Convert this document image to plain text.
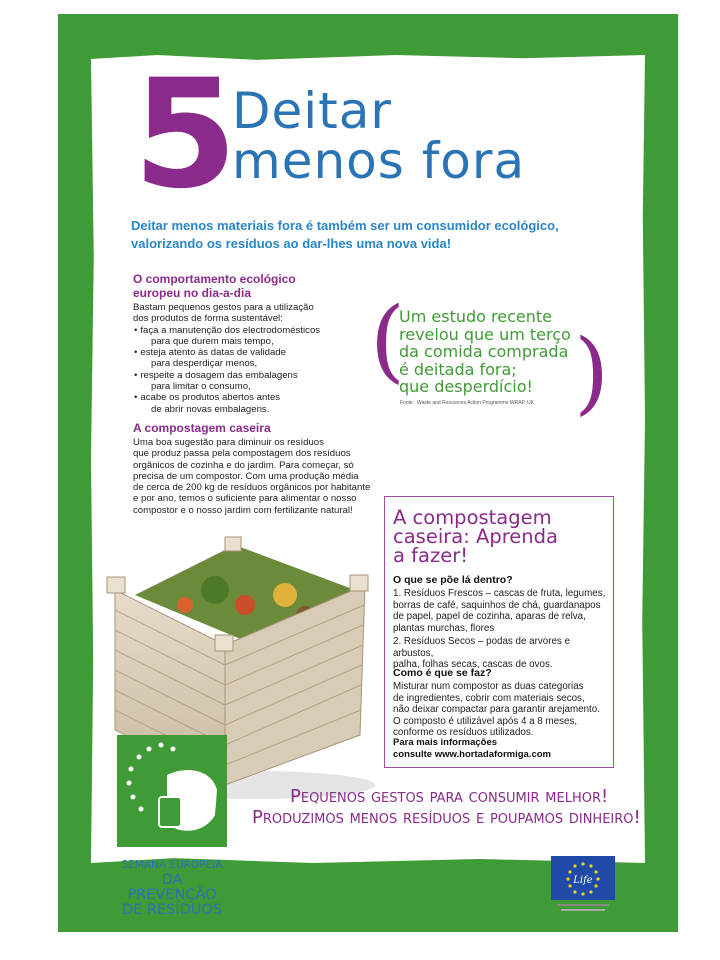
5
Deitar
menos fora
Deitar menos materiais fora é também ser um consumidor ecológico,
valorizando os resíduos ao dar-lhes uma nova vida!
O comportamento ecológico
europeu no dia-a-dia
Bastam pequenos gestos para a utilização
dos produtos de forma sustentável:
• faça a manutenção dos electrodomésticos
para que durem mais tempo,
• esteja atento às datas de validade
para desperdiçar menos,
• respeite a dosagem das embalagens
para limitar o consumo,
• acabe os produtos abertos antes
de abrir novas embalagens.
A compostagem caseira
Uma boa sugestão para diminuir os resíduos
que produz passa pela compostagem dos resíduos
orgânicos de cozinha e do jardim. Para começar, só
precisa de um compostor. Com uma produção média
de cerca de 200 kg de resíduos orgânicos por habitante
e por ano, temos o suficiente para alimentar o nosso
compostor e o nosso jardim com fertilizante natural!
( )
Um estudo recente
revelou que um terço
da comida comprada
é deitada fora;
que desperdício!
Fonte : Waste and Resources Action Programme WRAP, UK
A compostagem
caseira: Aprenda
a fazer!
O que se põe lá dentro?
1. Resíduos Frescos – cascas de fruta, legumes,
borras de café, saquinhos de chá, guardanapos
de papel, papel de cozinha, aparas de relva,
plantas murchas, flores
2. Resíduos Secos – podas de arvores e arbustos,
palha, folhas secas, cascas de ovos.
Como é que se faz?
Misturar num compostor as duas categorias
de ingredientes, cobrir com materiais secos,
não deixar compactar para garantir arejamento.
O composto é utilizável após 4 a 8 meses,
conforme os resíduos utilizados.
Para mais informações
consulte www.hortadaformiga.com
Pequenos gestos para consumir melhor!
Produzimos menos resíduos e poupamos dinheiro!
SEMANA EUROPEIA
DA PREVENÇÃO
DE RESÍDUOS
Life
